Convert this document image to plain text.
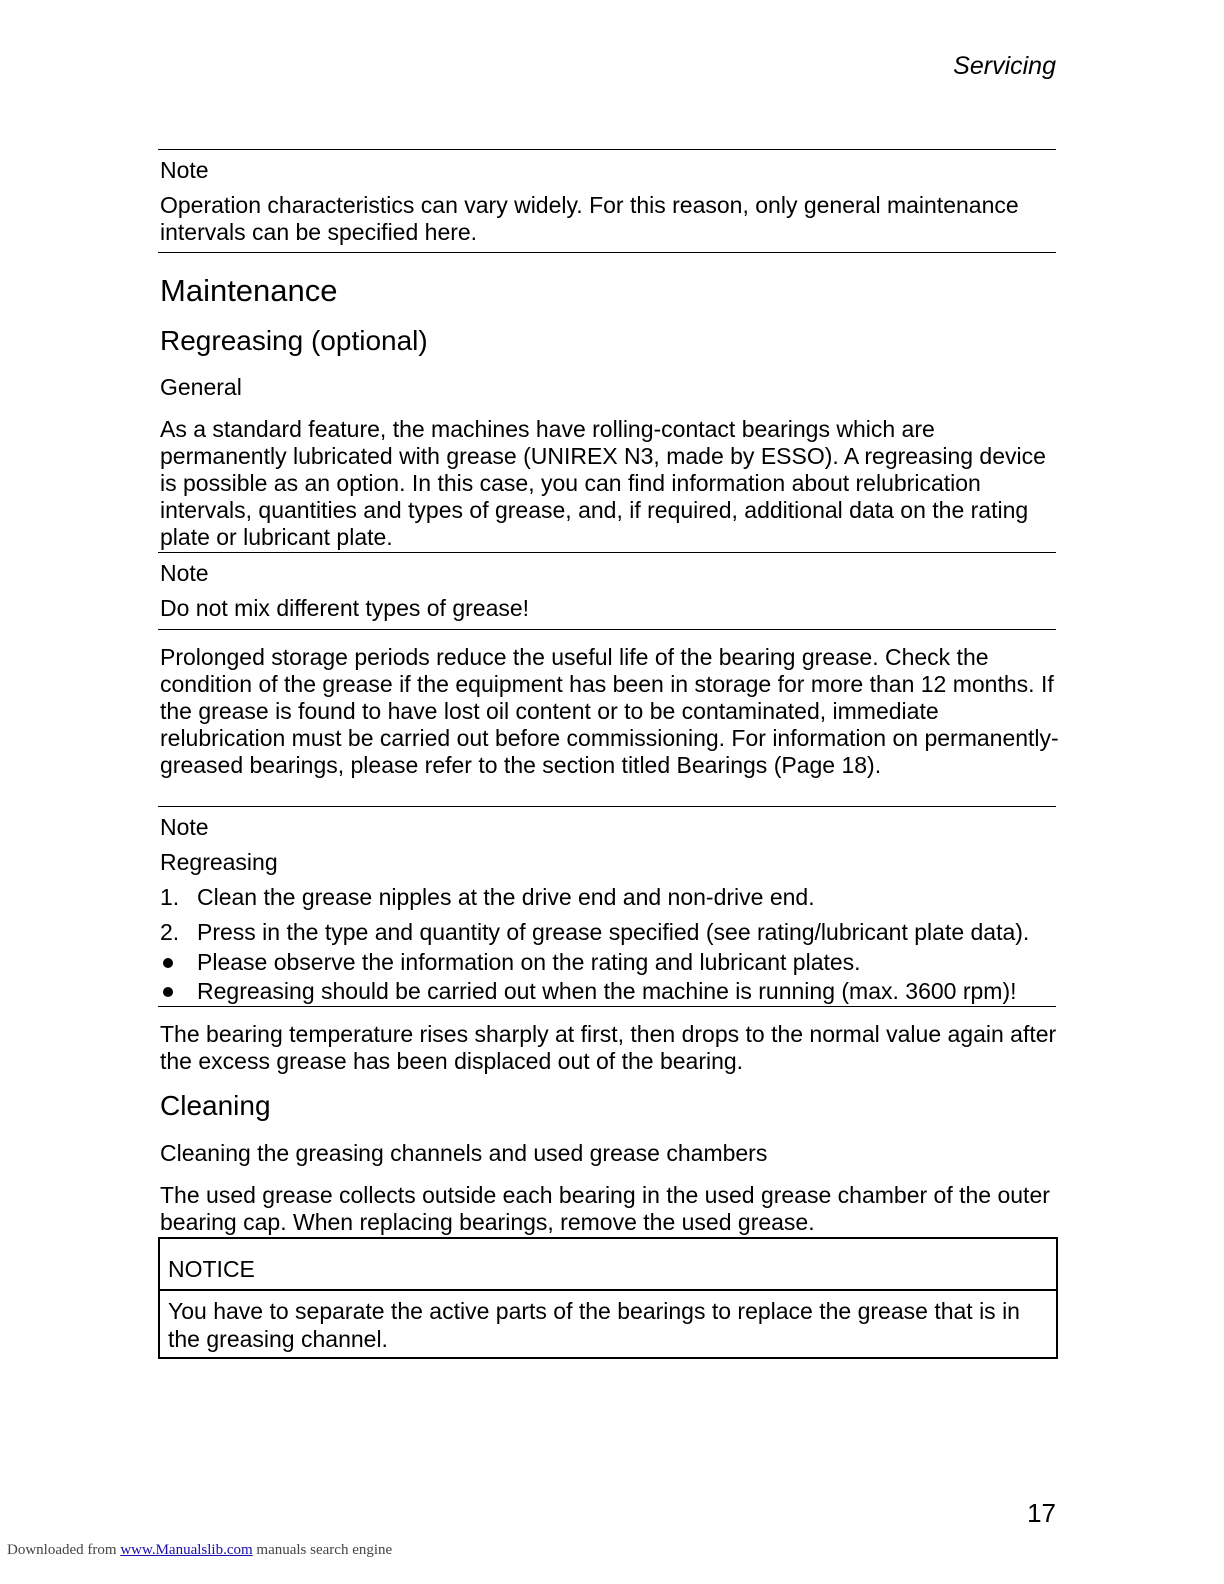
Servicing
Note
Operation characteristics can vary widely. For this reason, only general maintenance intervals can be specified here.
Maintenance
Regreasing (optional)
General
As a standard feature, the machines have rolling-contact bearings which are permanently lubricated with grease (UNIREX N3, made by ESSO). A regreasing device is possible as an option. In this case, you can find information about relubrication intervals, quantities and types of grease, and, if required, additional data on the rating plate or lubricant plate.
Note
Do not mix different types of grease!
Prolonged storage periods reduce the useful life of the bearing grease. Check the condition of the grease if the equipment has been in storage for more than 12 months. If the grease is found to have lost oil content or to be contaminated, immediate relubrication must be carried out before commissioning. For information on permanently-greased bearings, please refer to the section titled Bearings (Page 18).
Note
Regreasing
1. Clean the grease nipples at the drive end and non-drive end.
2. Press in the type and quantity of grease specified (see rating/lubricant plate data).
Please observe the information on the rating and lubricant plates.
Regreasing should be carried out when the machine is running (max. 3600 rpm)!
The bearing temperature rises sharply at first, then drops to the normal value again after the excess grease has been displaced out of the bearing.
Cleaning
Cleaning the greasing channels and used grease chambers
The used grease collects outside each bearing in the used grease chamber of the outer bearing cap. When replacing bearings, remove the used grease.
NOTICE
You have to separate the active parts of the bearings to replace the grease that is in the greasing channel.
17
Downloaded from www.Manualslib.com manuals search engine
